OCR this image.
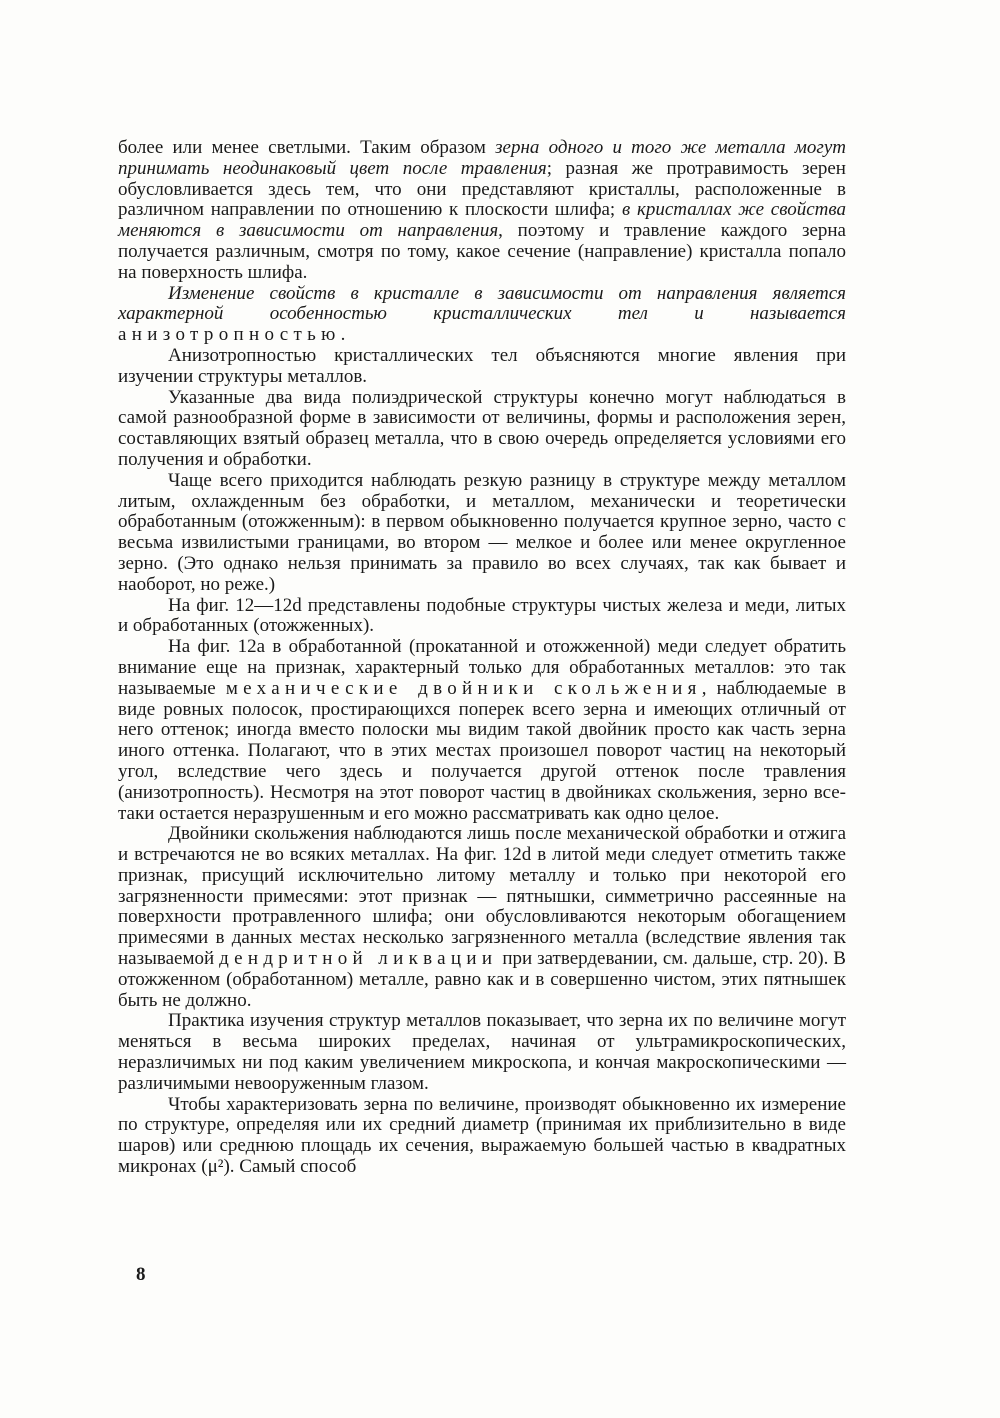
более или менее светлыми. Таким образом зерна одного и того же металла могут принимать неодинаковый цвет после травления; разная же протравимость зерен обусловливается здесь тем, что они представляют кристаллы, расположенные в различном направлении по отношению к плоскости шлифа; в кристаллах же свойства меняются в зависимости от направления, поэтому и травление каждого зерна получается различным, смотря по тому, какое сечение (направление) кристалла попало на поверхность шлифа.

Изменение свойств в кристалле в зависимости от направления является характерной особенностью кристаллических тел и называется анизотропностью.

Анизотропностью кристаллических тел объясняются многие явления при изучении структуры металлов.

Указанные два вида полиэдрической структуры конечно могут наблюдаться в самой разнообразной форме в зависимости от величины, формы и расположения зерен, составляющих взятый образец металла, что в свою очередь определяется условиями его получения и обработки.

Чаще всего приходится наблюдать резкую разницу в структуре между металлом литым, охлажденным без обработки, и металлом, механически и теоретически обработанным (отожженным): в первом обыкновенно получается крупное зерно, часто с весьма извилистыми границами, во втором — мелкое и более или менее округленное зерно. (Это однако нельзя принимать за правило во всех случаях, так как бывает и наоборот, но реже.)

На фиг. 12—12d представлены подобные структуры чистых железа и меди, литых и обработанных (отожженных).

На фиг. 12a в обработанной (прокатанной и отожженной) меди следует обратить внимание еще на признак, характерный только для обработанных металлов: это так называемые механические двойники скольжения, наблюдаемые в виде ровных полосок, простирающихся поперек всего зерна и имеющих отличный от него оттенок; иногда вместо полоски мы видим такой двойник просто как часть зерна иного оттенка. Полагают, что в этих местах произошел поворот частиц на некоторый угол, вследствие чего здесь и получается другой оттенок после травления (анизотропность). Несмотря на этот поворот частиц в двойниках скольжения, зерно все-таки остается неразрушенным и его можно рассматривать как одно целое.

Двойники скольжения наблюдаются лишь после механической обработки и отжига и встречаются не во всяких металлах. На фиг. 12d в литой меди следует отметить также признак, присущий исключительно литому металлу и только при некоторой его загрязненности примесями: этот признак — пятнышки, симметрично рассеянные на поверхности протравленного шлифа; они обусловливаются некоторым обогащением примесями в данных местах несколько загрязненного металла (вследствие явления так называемой дендритной ликвации при затвердевании, см. дальше, стр. 20). В отожженном (обработанном) металле, равно как и в совершенно чистом, этих пятнышек быть не должно.

Практика изучения структур металлов показывает, что зерна их по величине могут меняться в весьма широких пределах, начиная от ультрамикроскопических, неразличимых ни под каким увеличением микроскопа, и кончая макроскопическими — различимыми невооруженным глазом.

Чтобы характеризовать зерна по величине, производят обыкновенно их измерение по структуре, определяя или их средний диаметр (принимая их приблизительно в виде шаров) или среднюю площадь их сечения, выражаемую большей частью в квадратных микронах (μ²). Самый способ

8
